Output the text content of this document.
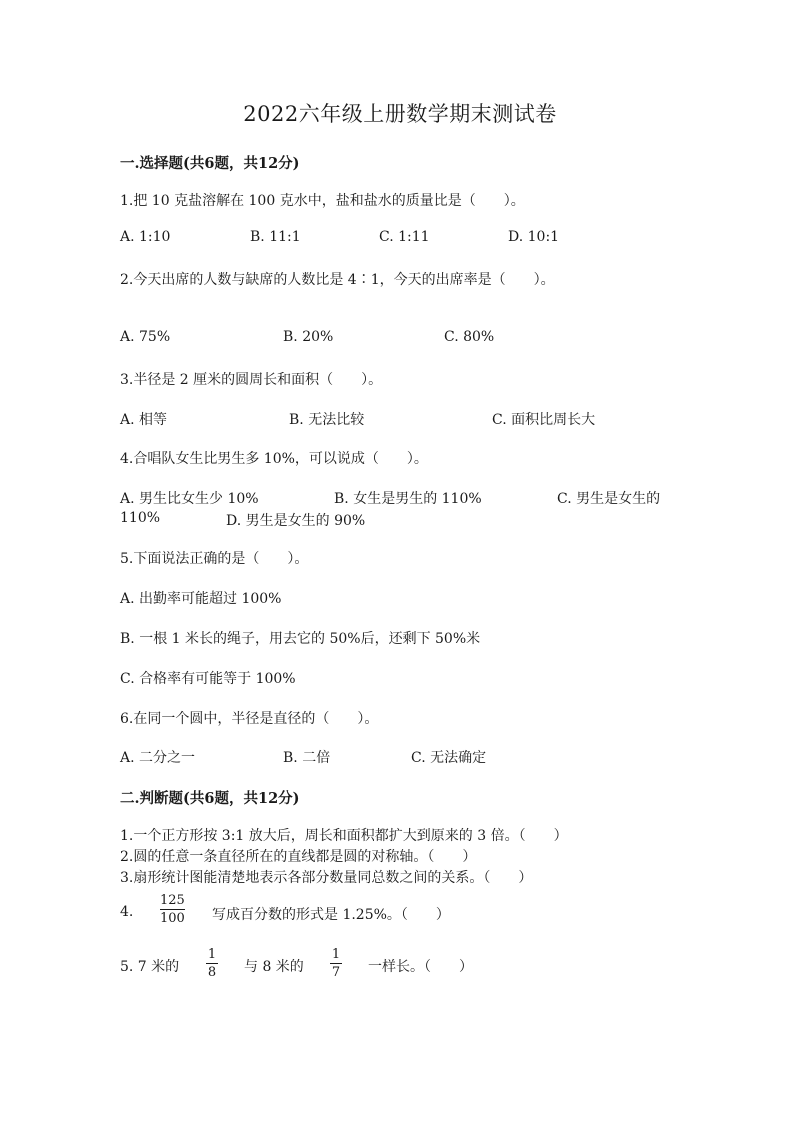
2022六年级上册数学期末测试卷
一.选择题(共6题，共12分)
1.把 10 克盐溶解在 100 克水中，盐和盐水的质量比是（　　）。
A. 1:10	B. 11:1	C. 1:11	D. 10:1
2.今天出席的人数与缺席的人数比是 4∶1，今天的出席率是（　　）。
A. 75%	B. 20%	C. 80%
3.半径是 2 厘米的圆周长和面积（　　）。
A. 相等	B. 无法比较	C. 面积比周长大
4.合唱队女生比男生多 10%，可以说成（　　）。
A. 男生比女生少 10%	B. 女生是男生的 110%	C. 男生是女生的
110%	D. 男生是女生的 90%
5.下面说法正确的是（　　）。
A. 出勤率可能超过 100%
B. 一根 1 米长的绳子，用去它的 50%后，还剩下 50%米
C. 合格率有可能等于 100%
6.在同一个圆中，半径是直径的（　　）。
A. 二分之一	B. 二倍	C. 无法确定
二.判断题(共6题，共12分)
1.一个正方形按 3:1 放大后，周长和面积都扩大到原来的 3 倍。（　　）
2.圆的任意一条直径所在的直线都是圆的对称轴。（　　）
3.扇形统计图能清楚地表示各部分数量同总数之间的关系。（　　）
4.
125
100 写成百分数的形式是 1.25%。（　　）
5. 7 米的
1
8 与 8 米的
1
7 一样长。（　　）
